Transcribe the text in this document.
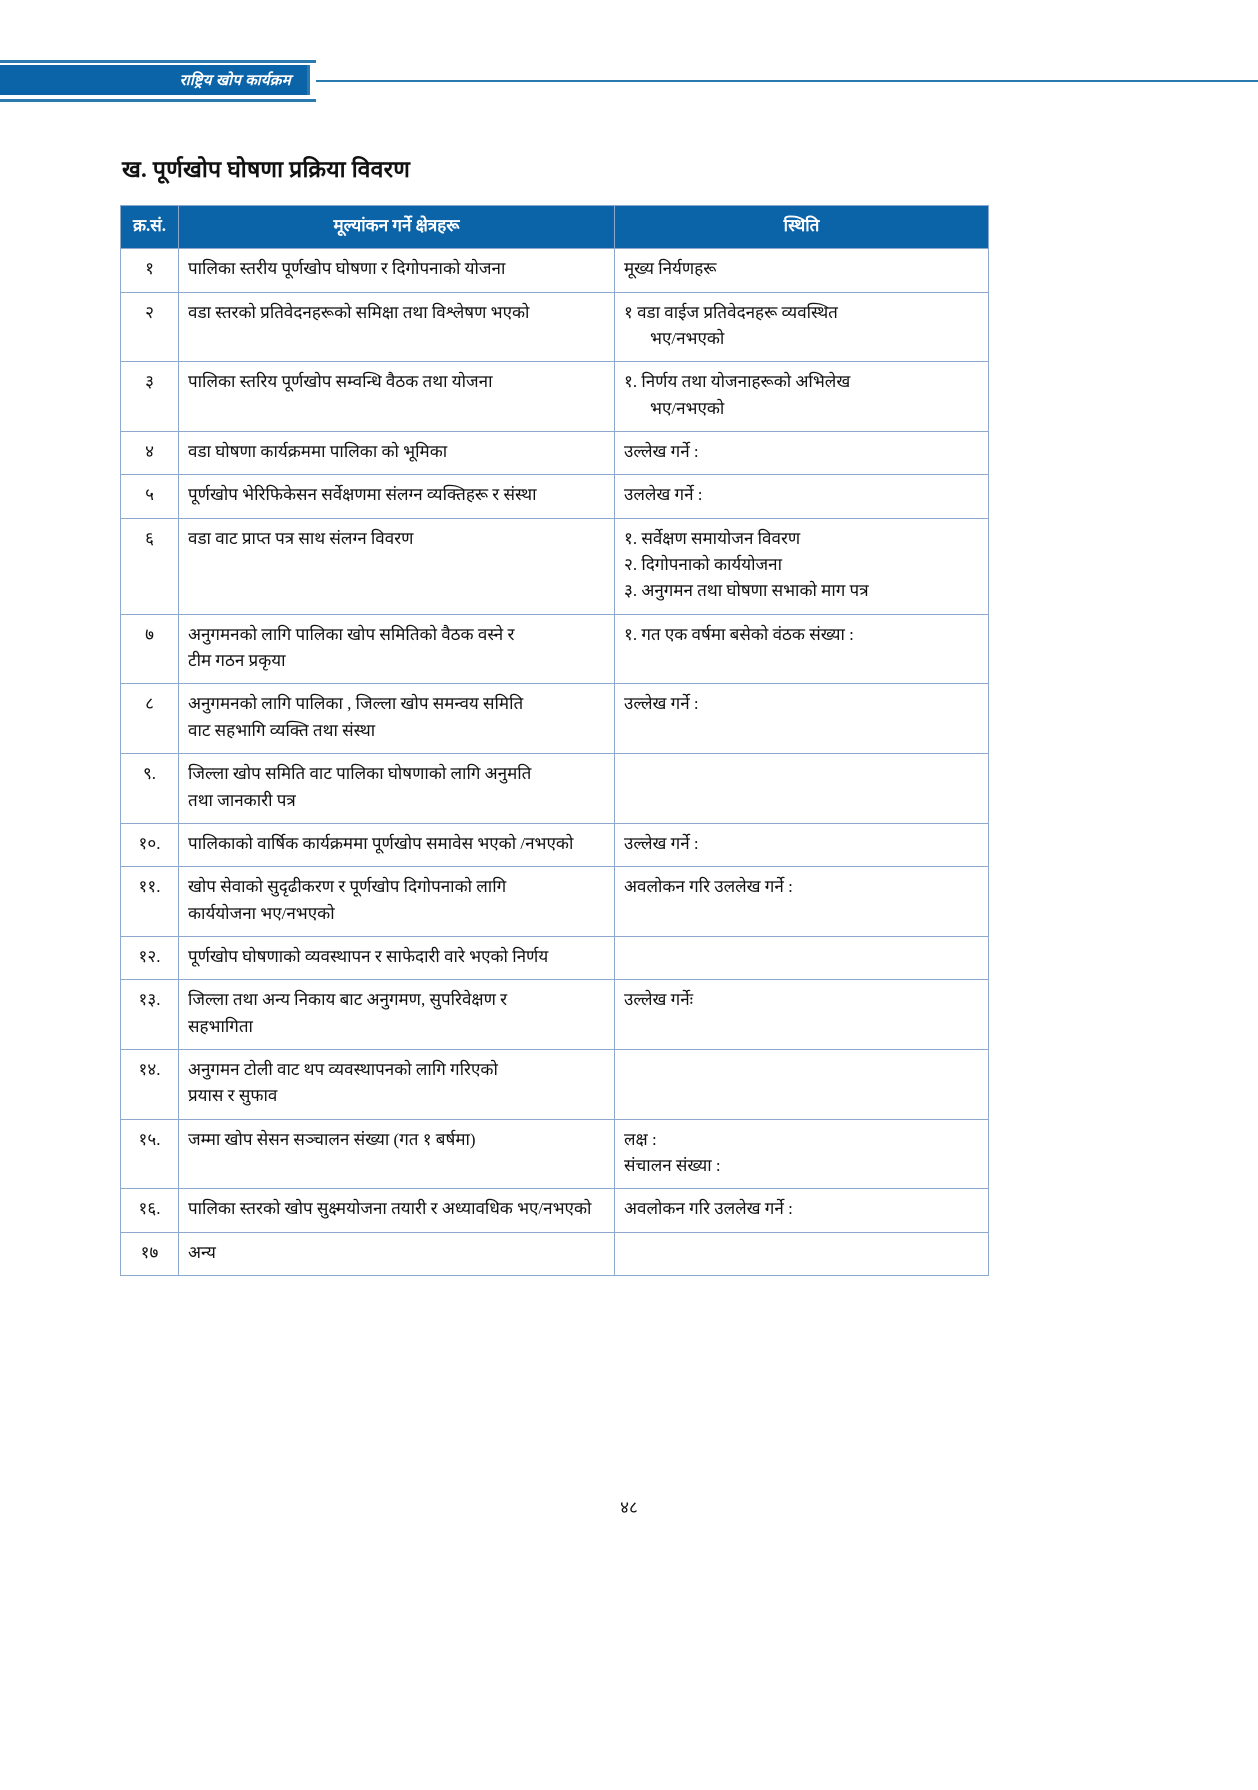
राष्ट्रिय खोप कार्यक्रम
ख. पूर्णखोप घोषणा प्रक्रिया विवरण
क्र.सं.	मूल्यांकन गर्ने क्षेत्रहरू	स्थिति
१	पालिका स्तरीय पूर्णखोप घोषणा र दिगोपनाको योजना	मूख्य निर्यणहरू

२	वडा स्तरको प्रतिवेदनहरूको समिक्षा तथा विश्लेषण भएको	१ वडा वाईज प्रतिवेदनहरू व्यवस्थित
भए/नभएको

३	पालिका स्तरिय पूर्णखोप सम्वन्धि वैठक तथा योजना	१. निर्णय तथा योजनाहरूको अभिलेख
भए/नभएको

४	वडा घोषणा कार्यक्रममा पालिका को भूमिका	उल्लेख गर्ने :

५	पूर्णखोप भेरिफिकेसन सर्वेक्षणमा संलग्न व्यक्तिहरू र संस्था	उललेख गर्ने :

६	वडा वाट प्राप्त पत्र साथ संलग्न विवरण	१. सर्वेक्षण समायोजन विवरण
२. दिगोपनाको कार्ययोजना
३. अनुगमन तथा घोषणा सभाको माग पत्र

७	अनुगमनको लागि पालिका खोप समितिको वैठक वस्ने र
टीम गठन प्रकृया	१. गत एक वर्षमा बसेको वंठक संख्या :

८	अनुगमनको लागि पालिका , जिल्ला खोप समन्वय समिति
वाट सहभागि व्यक्ति तथा संस्था	उल्लेख गर्ने :

९.	जिल्ला खोप समिति वाट पालिका घोषणाको लागि अनुमति
तथा जानकारी पत्र	

१०.	पालिकाको वार्षिक कार्यक्रममा पूर्णखोप समावेस भएको /नभएको	उल्लेख गर्ने :

११.	खोप सेवाको सुदृढीकरण र पूर्णखोप दिगोपनाको लागि
कार्ययोजना भए/नभएको	अवलोकन गरि उललेख गर्ने :

१२.	पूर्णखोप घोषणाको व्यवस्थापन र साफेदारी वारे भएको निर्णय	

१३.	जिल्ला तथा अन्य निकाय बाट अनुगमण, सुपरिवेक्षण र
सहभागिता	उल्लेख गर्नेः

१४.	अनुगमन टोली वाट थप व्यवस्थापनको लागि गरिएको
प्रयास र सुफाव	

१५.	जम्मा खोप सेसन सञ्चालन संख्या (गत १ बर्षमा)	लक्ष :
संचालन संख्या :

१६.	पालिका स्तरको खोप सुक्ष्मयोजना तयारी र अध्यावधिक भए/नभएको	अवलोकन गरि उललेख गर्ने :

१७	अन्य	

४८
